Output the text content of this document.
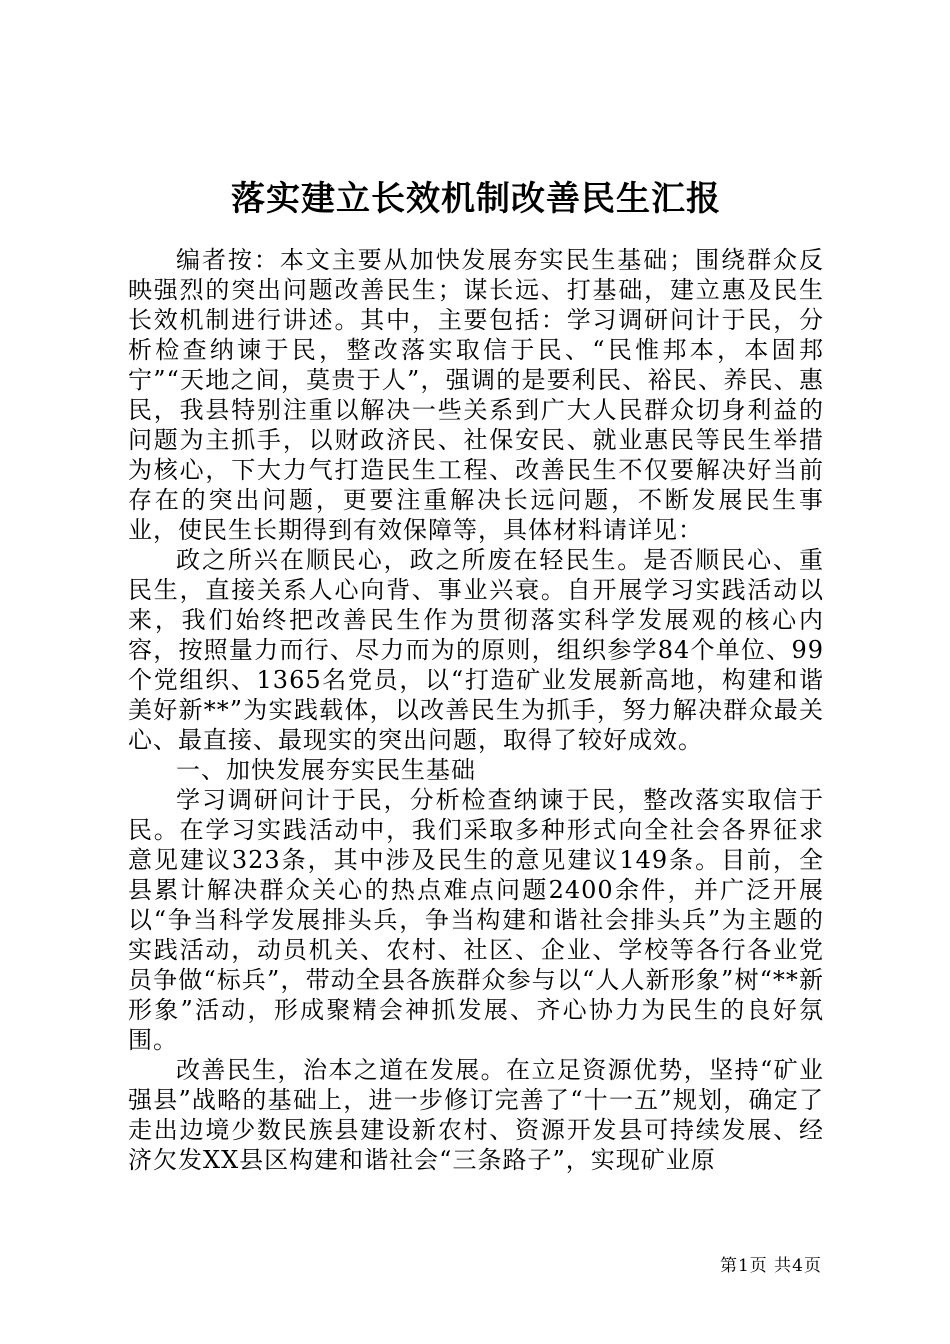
落实建立长效机制改善民生汇报

编者按：本文主要从加快发展夯实民生基础；围绕群众反映强烈的突出问题改善民生；谋长远、打基础，建立惠及民生长效机制进行讲述。其中，主要包括：学习调研问计于民，分析检查纳谏于民，整改落实取信于民、“民惟邦本，本固邦宁”“天地之间，莫贵于人”，强调的是要利民、裕民、养民、惠民，我县特别注重以解决一些关系到广大人民群众切身利益的问题为主抓手，以财政济民、社保安民、就业惠民等民生举措为核心，下大力气打造民生工程、改善民生不仅要解决好当前存在的突出问题，更要注重解决长远问题，不断发展民生事业，使民生长期得到有效保障等，具体材料请详见：

政之所兴在顺民心，政之所废在轻民生。是否顺民心、重民生，直接关系人心向背、事业兴衰。自开展学习实践活动以来，我们始终把改善民生作为贯彻落实科学发展观的核心内容，按照量力而行、尽力而为的原则，组织参学84个单位、99个党组织、1365名党员，以“打造矿业发展新高地，构建和谐美好新**”为实践载体，以改善民生为抓手，努力解决群众最关心、最直接、最现实的突出问题，取得了较好成效。

一、加快发展夯实民生基础

学习调研问计于民，分析检查纳谏于民，整改落实取信于民。在学习实践活动中，我们采取多种形式向全社会各界征求意见建议323条，其中涉及民生的意见建议149条。目前，全县累计解决群众关心的热点难点问题2400余件，并广泛开展以“争当科学发展排头兵，争当构建和谐社会排头兵”为主题的实践活动，动员机关、农村、社区、企业、学校等各行各业党员争做“标兵”，带动全县各族群众参与以“人人新形象”树“**新形象”活动，形成聚精会神抓发展、齐心协力为民生的良好氛围。

改善民生，治本之道在发展。在立足资源优势，坚持“矿业强县”战略的基础上，进一步修订完善了“十一五”规划，确定了走出边境少数民族县建设新农村、资源开发县可持续发展、经济欠发XX县区构建和谐社会“三条路子”，实现矿业原

第1页 共4页
